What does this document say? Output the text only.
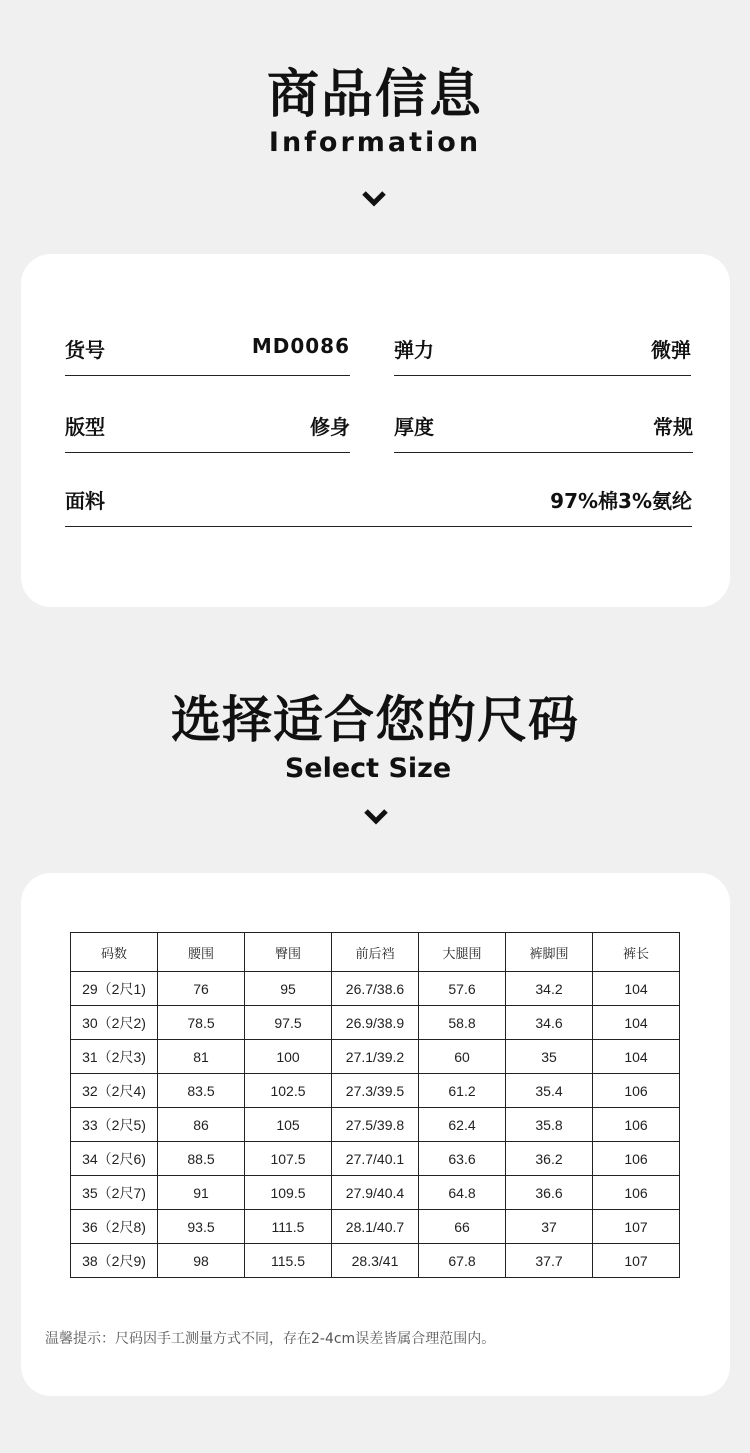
商品信息
Information
货号	MD0086 弹力	微弹
版型	修身 厚度	常规
面料	97%棉3%氨纶
选择适合您的尺码
Select Size
码数	腰围	臀围	前后裆	大腿围	裤脚围	裤长
29（2尺1)	76	95	26.7/38.6	57.6	34.2	104
30（2尺2)	78.5	97.5	26.9/38.9	58.8	34.6	104
31（2尺3)	81	100	27.1/39.2	60	35	104
32（2尺4)	83.5	102.5	27.3/39.5	61.2	35.4	106
33（2尺5)	86	105	27.5/39.8	62.4	35.8	106
34（2尺6)	88.5	107.5	27.7/40.1	63.6	36.2	106
35（2尺7)	91	109.5	27.9/40.4	64.8	36.6	106
36（2尺8)	93.5	111.5	28.1/40.7	66	37	107
38（2尺9)	98	115.5	28.3/41	67.8	37.7	107
温馨提示：尺码因手工测量方式不同，存在2-4cm误差皆属合理范围内。
